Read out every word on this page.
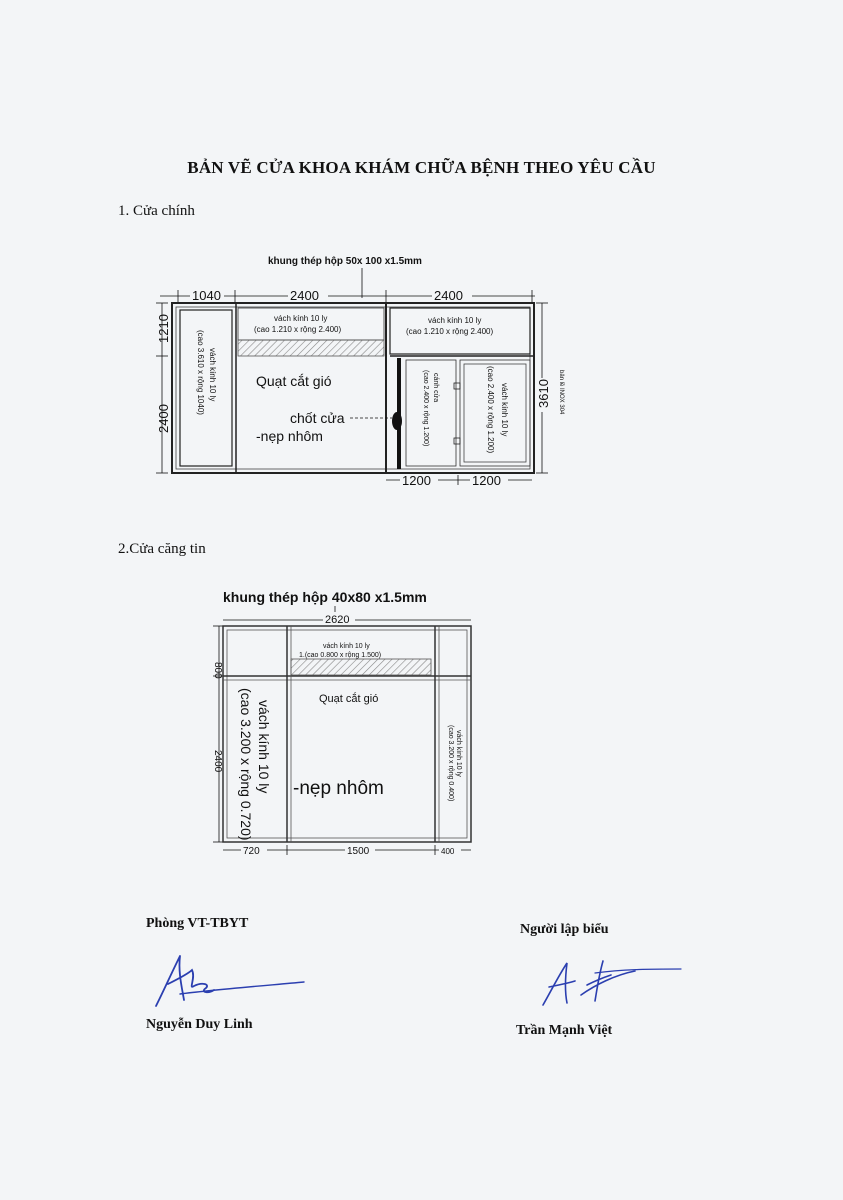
BẢN VẼ CỬA KHOA KHÁM CHỮA BỆNH THEO YÊU CẦU
1. Cửa chính
khung thép hộp 50x 100 x1.5mm
1040	2400	2400
1210
2400
vách kính 10 ly
(cao 3.610 x rộng 1040)
vách kính 10 ly
(cao 1.210 x rộng 2.400)
vách kính 10 ly
(cao 1.210 x rộng 2.400)
cánh cửa
(cao 2.400 x rộng 1.200)	vách kính 10 ly
(cao 2.400 x rộng 1.200)
Quạt cắt gió
chốt cửa
-nẹp nhôm
3610 bản lề INOX 304
1200	1200
2.Cửa căng tin
khung thép hộp 40x80 x1.5mm
2620
800
2400
vách kính 10 ly
1.(cao 0.800 x rộng 1.500)
Quạt cắt gió
vách kính 10 ly
(cao 3.200 x rộng 0.720)	vách kính 10 ly
(cao 3.200 x rộng 0.400)
-nẹp nhôm
720	1500	400
Phòng VT-TBYT
Nguyễn Duy Linh
Người lập biểu
Trần Mạnh Việt
